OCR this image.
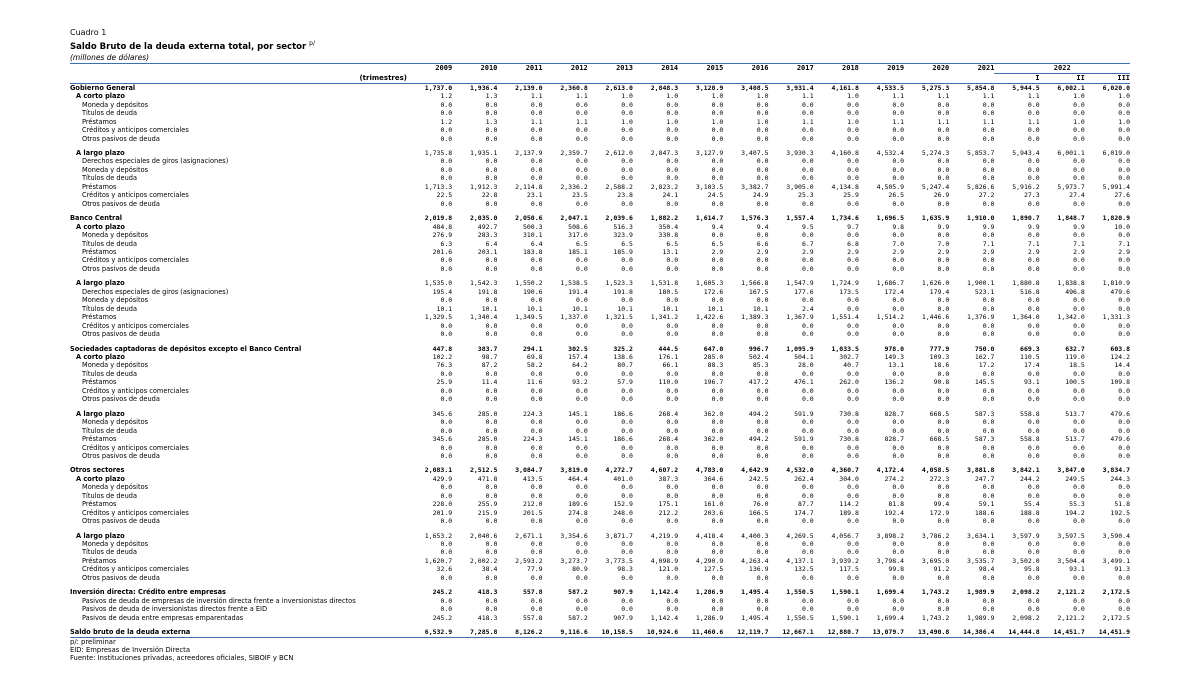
Cuadro 1
Saldo Bruto de la deuda externa total, por sector $^{p/}$
(millones de dólares)
	2009	2010	2011	2012	2013	2014	2015	2016	2017	2018	2019	2020	2021	2022		
(trimestres)														I	II	III
Gobierno General	1,737.0	1,936.4	2,139.0	2,360.8	2,613.0	2,848.3	3,128.9	3,408.5	3,931.4	4,161.8	4,533.5	5,275.3	5,854.8	5,944.5	6,002.1	6,020.0
A corto plazo	1.2	1.3	1.1	1.1	1.0	1.0	1.0	1.0	1.1	1.0	1.1	1.1	1.1	1.1	1.0	1.0
Moneda y depósitos	0.0	0.0	0.0	0.0	0.0	0.0	0.0	0.0	0.0	0.0	0.0	0.0	0.0	0.0	0.0	0.0
Títulos de deuda	0.0	0.0	0.0	0.0	0.0	0.0	0.0	0.0	0.0	0.0	0.0	0.0	0.0	0.0	0.0	0.0
Préstamos	1.2	1.3	1.1	1.1	1.0	1.0	1.0	1.0	1.1	1.0	1.1	1.1	1.1	1.1	1.0	1.0
Créditos y anticipos comerciales	0.0	0.0	0.0	0.0	0.0	0.0	0.0	0.0	0.0	0.0	0.0	0.0	0.0	0.0	0.0	0.0
Otros pasivos de deuda	0.0	0.0	0.0	0.0	0.0	0.0	0.0	0.0	0.0	0.0	0.0	0.0	0.0	0.0	0.0	0.0

A largo plazo	1,735.8	1,935.1	2,137.9	2,359.7	2,612.0	2,847.3	3,127.9	3,407.5	3,930.3	4,160.8	4,532.4	5,274.3	5,853.7	5,943.4	6,001.1	6,019.0
Derechos especiales de giros (asignaciones)	0.0	0.0	0.0	0.0	0.0	0.0	0.0	0.0	0.0	0.0	0.0	0.0	0.0	0.0	0.0	0.0
Moneda y depósitos	0.0	0.0	0.0	0.0	0.0	0.0	0.0	0.0	0.0	0.0	0.0	0.0	0.0	0.0	0.0	0.0
Títulos de deuda	0.0	0.0	0.0	0.0	0.0	0.0	0.0	0.0	0.0	0.0	0.0	0.0	0.0	0.0	0.0	0.0
Préstamos	1,713.3	1,912.3	2,114.8	2,336.2	2,588.2	2,823.2	3,103.5	3,382.7	3,905.0	4,134.8	4,505.9	5,247.4	5,826.6	5,916.2	5,973.7	5,991.4
Créditos y anticipos comerciales	22.5	22.8	23.1	23.5	23.8	24.1	24.5	24.9	25.3	25.9	26.5	26.9	27.2	27.3	27.4	27.6
Otros pasivos de deuda	0.0	0.0	0.0	0.0	0.0	0.0	0.0	0.0	0.0	0.0	0.0	0.0	0.0	0.0	0.0	0.0

Banco Central	2,019.8	2,035.0	2,050.6	2,047.1	2,039.6	1,882.2	1,614.7	1,576.3	1,557.4	1,734.6	1,696.5	1,635.9	1,910.0	1,890.7	1,848.7	1,820.9
A corto plazo	484.8	492.7	500.3	508.6	516.3	350.4	9.4	9.4	9.5	9.7	9.8	9.9	9.9	9.9	9.9	10.0
Moneda y depósitos	276.9	283.3	310.1	317.0	323.9	330.8	0.0	0.0	0.0	0.0	0.0	0.0	0.0	0.0	0.0	0.0
Títulos de deuda	6.3	6.4	6.4	6.5	6.5	6.5	6.5	6.6	6.7	6.8	7.0	7.0	7.1	7.1	7.1	7.1
Préstamos	201.6	203.1	183.8	185.1	185.9	13.1	2.9	2.9	2.9	2.9	2.9	2.9	2.9	2.9	2.9	2.9
Créditos y anticipos comerciales	0.0	0.0	0.0	0.0	0.0	0.0	0.0	0.0	0.0	0.0	0.0	0.0	0.0	0.0	0.0	0.0
Otros pasivos de deuda	0.0	0.0	0.0	0.0	0.0	0.0	0.0	0.0	0.0	0.0	0.0	0.0	0.0	0.0	0.0	0.0

A largo plazo	1,535.0	1,542.3	1,550.2	1,538.5	1,523.3	1,531.8	1,605.3	1,566.8	1,547.9	1,724.9	1,686.7	1,626.0	1,900.1	1,880.8	1,838.8	1,810.9
Derechos especiales de giros (asignaciones)	195.4	191.8	190.6	191.4	191.8	180.5	172.6	167.5	177.6	173.5	172.4	179.4	523.1	516.8	496.8	479.6
Moneda y depósitos	0.0	0.0	0.0	0.0	0.0	0.0	0.0	0.0	0.0	0.0	0.0	0.0	0.0	0.0	0.0	0.0
Títulos de deuda	10.1	10.1	10.1	10.1	10.1	10.1	10.1	10.1	2.4	0.0	0.0	0.0	0.0	0.0	0.0	0.0
Préstamos	1,329.5	1,340.4	1,349.5	1,337.0	1,321.5	1,341.2	1,422.6	1,389.3	1,367.9	1,551.4	1,514.2	1,446.6	1,376.9	1,364.0	1,342.0	1,331.3
Créditos y anticipos comerciales	0.0	0.0	0.0	0.0	0.0	0.0	0.0	0.0	0.0	0.0	0.0	0.0	0.0	0.0	0.0	0.0
Otros pasivos de deuda	0.0	0.0	0.0	0.0	0.0	0.0	0.0	0.0	0.0	0.0	0.0	0.0	0.0	0.0	0.0	0.0

Sociedades captadoras de depósitos excepto el Banco Central	447.8	383.7	294.1	302.5	325.2	444.5	647.0	996.7	1,095.9	1,033.5	978.0	777.9	750.0	669.3	632.7	603.8
A corto plazo	102.2	98.7	69.8	157.4	138.6	176.1	285.0	502.4	504.1	302.7	149.3	109.3	162.7	110.5	119.0	124.2
Moneda y depósitos	76.3	87.2	58.2	64.2	80.7	66.1	88.3	85.3	28.0	40.7	13.1	18.6	17.2	17.4	18.5	14.4
Títulos de deuda	0.0	0.0	0.0	0.0	0.0	0.0	0.0	0.0	0.0	0.0	0.0	0.0	0.0	0.0	0.0	0.0
Préstamos	25.9	11.4	11.6	93.2	57.9	110.0	196.7	417.2	476.1	262.0	136.2	90.8	145.5	93.1	100.5	109.8
Créditos y anticipos comerciales	0.0	0.0	0.0	0.0	0.0	0.0	0.0	0.0	0.0	0.0	0.0	0.0	0.0	0.0	0.0	0.0
Otros pasivos de deuda	0.0	0.0	0.0	0.0	0.0	0.0	0.0	0.0	0.0	0.0	0.0	0.0	0.0	0.0	0.0	0.0

A largo plazo	345.6	285.0	224.3	145.1	186.6	268.4	362.0	494.2	591.9	730.8	828.7	668.5	587.3	558.8	513.7	479.6
Moneda y depósitos	0.0	0.0	0.0	0.0	0.0	0.0	0.0	0.0	0.0	0.0	0.0	0.0	0.0	0.0	0.0	0.0
Títulos de deuda	0.0	0.0	0.0	0.0	0.0	0.0	0.0	0.0	0.0	0.0	0.0	0.0	0.0	0.0	0.0	0.0
Préstamos	345.6	285.0	224.3	145.1	186.6	268.4	362.0	494.2	591.9	730.8	828.7	668.5	587.3	558.8	513.7	479.6
Créditos y anticipos comerciales	0.0	0.0	0.0	0.0	0.0	0.0	0.0	0.0	0.0	0.0	0.0	0.0	0.0	0.0	0.0	0.0
Otros pasivos de deuda	0.0	0.0	0.0	0.0	0.0	0.0	0.0	0.0	0.0	0.0	0.0	0.0	0.0	0.0	0.0	0.0

Otros sectores	2,083.1	2,512.5	3,084.7	3,819.0	4,272.7	4,607.2	4,783.0	4,642.9	4,532.0	4,360.7	4,172.4	4,058.5	3,881.8	3,842.1	3,847.0	3,834.7
A corto plazo	429.9	471.8	413.5	464.4	401.0	387.3	364.6	242.5	262.4	304.0	274.2	272.3	247.7	244.2	249.5	244.3
Moneda y depósitos	0.0	0.0	0.0	0.0	0.0	0.0	0.0	0.0	0.0	0.0	0.0	0.0	0.0	0.0	0.0	0.0
Títulos de deuda	0.0	0.0	0.0	0.0	0.0	0.0	0.0	0.0	0.0	0.0	0.0	0.0	0.0	0.0	0.0	0.0
Préstamos	228.0	255.9	212.0	189.6	152.9	175.1	161.0	76.0	87.7	114.2	81.8	99.4	59.1	55.4	55.3	51.8
Créditos y anticipos comerciales	201.9	215.9	201.5	274.8	248.0	212.2	203.6	166.5	174.7	189.8	192.4	172.9	188.6	188.8	194.2	192.5
Otros pasivos de deuda	0.0	0.0	0.0	0.0	0.0	0.0	0.0	0.0	0.0	0.0	0.0	0.0	0.0	0.0	0.0	0.0

A largo plazo	1,653.2	2,040.6	2,671.1	3,354.6	3,871.7	4,219.9	4,418.4	4,400.3	4,269.5	4,056.7	3,898.2	3,786.2	3,634.1	3,597.9	3,597.5	3,590.4
Moneda y depósitos	0.0	0.0	0.0	0.0	0.0	0.0	0.0	0.0	0.0	0.0	0.0	0.0	0.0	0.0	0.0	0.0
Títulos de deuda	0.0	0.0	0.0	0.0	0.0	0.0	0.0	0.0	0.0	0.0	0.0	0.0	0.0	0.0	0.0	0.0
Préstamos	1,620.7	2,002.2	2,593.2	3,273.7	3,773.5	4,098.9	4,290.9	4,263.4	4,137.1	3,939.2	3,798.4	3,695.0	3,535.7	3,502.0	3,504.4	3,499.1
Créditos y anticipos comerciales	32.6	38.4	77.9	80.9	98.3	121.0	127.5	136.9	132.5	117.5	99.8	91.2	98.4	95.8	93.1	91.3
Otros pasivos de deuda	0.0	0.0	0.0	0.0	0.0	0.0	0.0	0.0	0.0	0.0	0.0	0.0	0.0	0.0	0.0	0.0

Inversión directa: Crédito entre empresas	245.2	418.3	557.8	587.2	907.9	1,142.4	1,286.9	1,495.4	1,550.5	1,590.1	1,699.4	1,743.2	1,989.9	2,098.2	2,121.2	2,172.5
Pasivos de deuda de empresas de inversión directa frente a inversionistas directos	0.0	0.0	0.0	0.0	0.0	0.0	0.0	0.0	0.0	0.0	0.0	0.0	0.0	0.0	0.0	0.0
Pasivos de deuda de inversionistas directos frente a EID	0.0	0.0	0.0	0.0	0.0	0.0	0.0	0.0	0.0	0.0	0.0	0.0	0.0	0.0	0.0	0.0
Pasivos de deuda entre empresas emparentadas	245.2	418.3	557.8	587.2	907.9	1,142.4	1,286.9	1,495.4	1,550.5	1,590.1	1,699.4	1,743.2	1,989.9	2,098.2	2,121.2	2,172.5

Saldo bruto de la deuda externa	6,532.9	7,285.8	8,126.2	9,116.6	10,158.5	10,924.6	11,460.6	12,119.7	12,667.1	12,880.7	13,079.7	13,490.8	14,386.4	14,444.8	14,451.7	14,451.9
p/: preliminar
EID: Empresas de Inversión Directa
Fuente: Instituciones privadas, acreedores oficiales, SIBOIF y BCN
